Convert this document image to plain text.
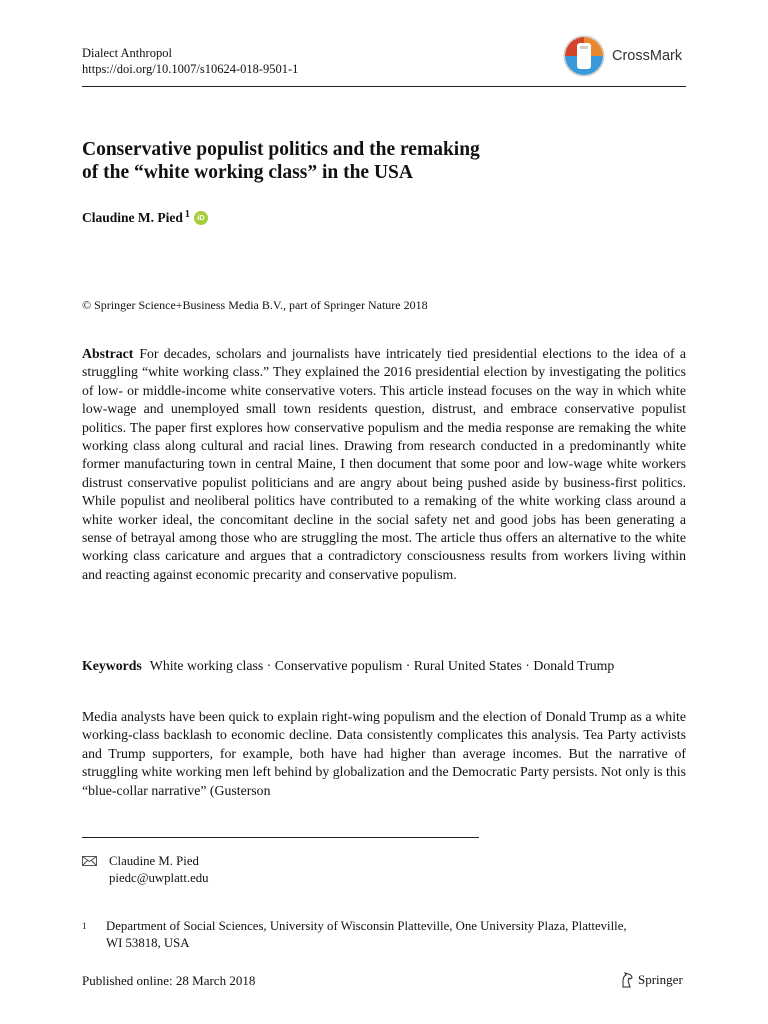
Dialect Anthropol
https://doi.org/10.1007/s10624-018-9501-1
CrossMark
Conservative populist politics and the remaking
of the “white working class” in the USA
Claudine M. Pied$^1$ iD
© Springer Science+Business Media B.V., part of Springer Nature 2018
Abstract For decades, scholars and journalists have intricately tied presidential elections to the idea of a struggling “white working class.” They explained the 2016 presidential election by investigating the politics of low- or middle-income white conservative voters. This article instead focuses on the way in which white low-wage and unemployed small town residents question, distrust, and embrace conservative populist politics. The paper first explores how conservative populism and the media response are remaking the white working class along cultural and racial lines. Drawing from research conducted in a predominantly white former manufacturing town in central Maine, I then document that some poor and low-wage white workers distrust conservative populist politicians and are angry about being pushed aside by business-first politics. While populist and neoliberal politics have contributed to a remaking of the white working class around a white worker ideal, the concomitant decline in the social safety net and good jobs has been generating a sense of betrayal among those who are struggling the most. The article thus offers an alternative to the white working class caricature and argues that a contradictory consciousness results from workers living within and reacting against economic precarity and conservative populism.
Keywords White working class · Conservative populism · Rural United States · Donald Trump
Media analysts have been quick to explain right-wing populism and the election of Donald Trump as a white working-class backlash to economic decline. Data consistently complicates this analysis. Tea Party activists and Trump supporters, for example, both have had higher than average incomes. But the narrative of struggling white working men left behind by globalization and the Democratic Party persists. Not only is this “blue-collar narrative” (Gusterson
Claudine M. Pied
piedc@uwplatt.edu
1	Department of Social Sciences, University of Wisconsin Platteville, One University Plaza, Platteville,
WI 53818, USA
Published online: 28 March 2018	Springer
